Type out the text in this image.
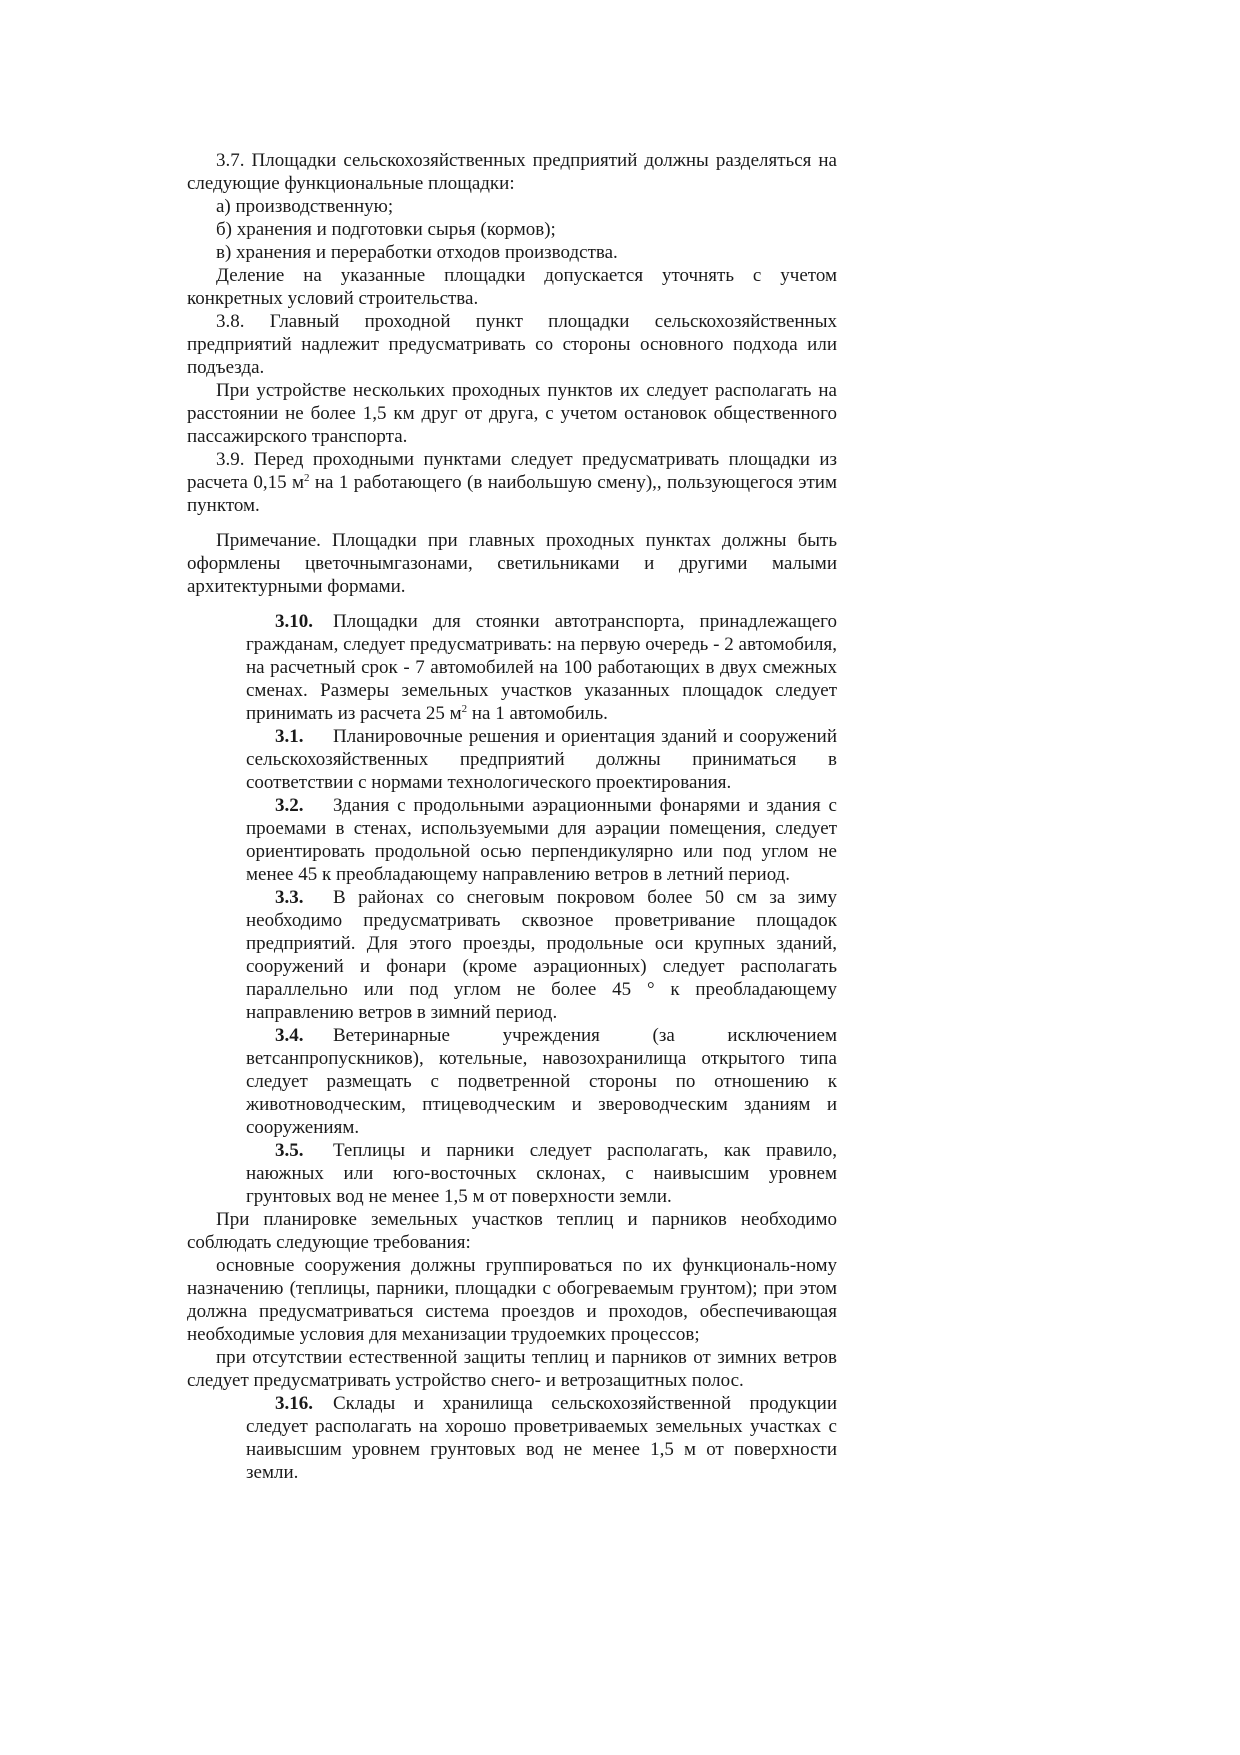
3.7. Площадки сельскохозяйственных предприятий должны разделяться на следующие функциональные площадки:

а) производственную;

б) хранения и подготовки сырья (кормов);

в) хранения и переработки отходов производства.

Деление на указанные площадки допускается уточнять с учетом конкретных условий строительства.

3.8. Главный проходной пункт площадки сельскохозяйственных предприятий надлежит предусматривать со стороны основного подхода или подъезда.

При устройстве нескольких проходных пунктов их следует располагать на расстоянии не более 1,5 км друг от друга, с учетом остановок общественного пассажирского транспорта.

3.9. Перед проходными пунктами следует предусматривать площадки из расчета 0,15 $м^2$ на 1 работающего (в наибольшую смену),, пользующегося этим пунктом.

Примечание. Площадки при главных проходных пунктах должны быть оформлены цветочнымгазонами, светильниками и другими малыми архитектурными формами.

3.10. Площадки для стоянки автотранспорта, принадлежащего гражданам, следует предусматривать: на первую очередь - 2 автомобиля, на расчетный срок - 7 автомобилей на 100 работающих в двух смежных сменах. Размеры земельных участков указанных площадок следует принимать из расчета 25 $м^2$ на 1 автомобиль.

3.1. Планировочные решения и ориентация зданий и сооружений сельскохозяйственных предприятий должны приниматься в соответствии с нормами технологического проектирования.

3.2. Здания с продольными аэрационными фонарями и здания с проемами в стенах, используемыми для аэрации помещения, следует ориентировать продольной осью перпендикулярно или под углом не менее 45 к преобладающему направлению ветров в летний период.

3.3. В районах со снеговым покровом более 50 см за зиму необходимо предусматривать сквозное проветривание площадок предприятий. Для этого проезды, продольные оси крупных зданий, сооружений и фонари (кроме аэрационных) следует располагать параллельно или под углом не более 45 ° к преобладающему направлению ветров в зимний период.

3.4. Ветеринарные учреждения (за исключением ветсанпропускников), котельные, навозохранилища открытого типа следует размещать с подветренной стороны по отношению к животноводческим, птицеводческим и звероводческим зданиям и сооружениям.

3.5. Теплицы и парники следует располагать, как правило, наюжных или юго-восточных склонах, с наивысшим уровнем грунтовых вод не менее 1,5 м от поверхности земли.

При планировке земельных участков теплиц и парников необходимо соблюдать следующие требования:

основные сооружения должны группироваться по их функциональ-ному назначению (теплицы, парники, площадки с обогреваемым грунтом); при этом должна предусматриваться система проездов и проходов, обеспечивающая необходимые условия для механизации трудоемких процессов;

при отсутствии естественной защиты теплиц и парников от зимних ветров следует предусматривать устройство снего- и ветрозащитных полос.

3.16. Склады и хранилища сельскохозяйственной продукции следует располагать на хорошо проветриваемых земельных участках с наивысшим уровнем грунтовых вод не менее 1,5 м от поверхности земли.
